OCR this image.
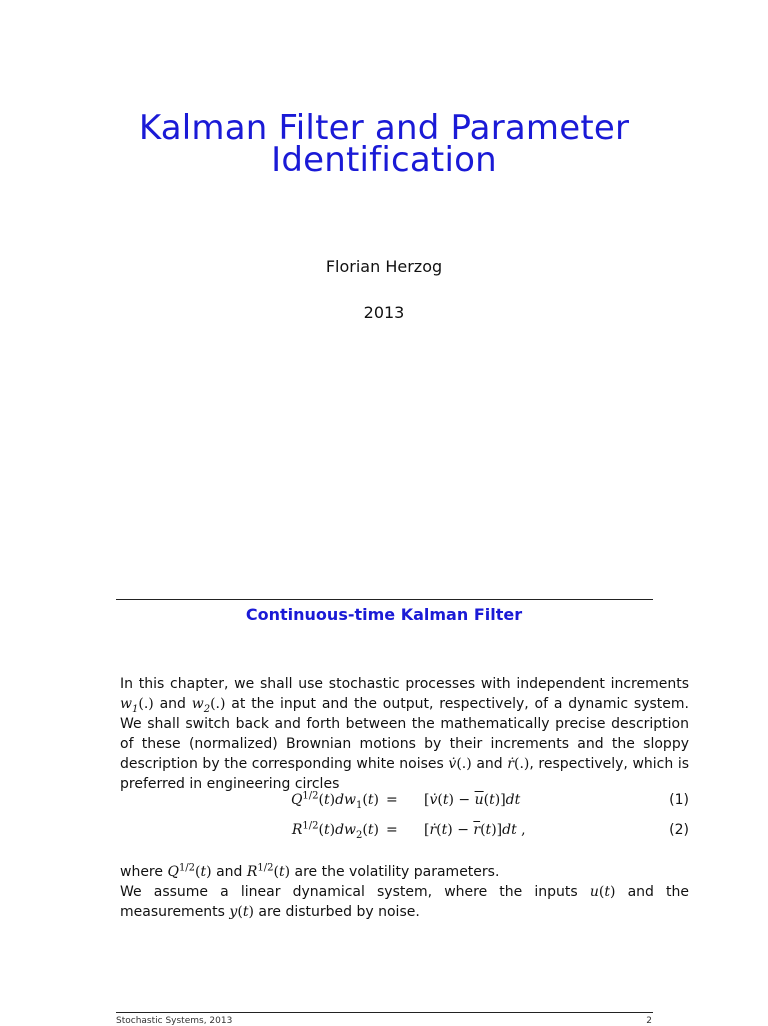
Kalman Filter and Parameter
Identification
Florian Herzog
2013
Continuous-time Kalman Filter
In this chapter, we shall use stochastic processes with independent increments $w_1(.)$ and $w_2(.)$ at the input and the output, respectively, of a dynamic system. We shall switch back and forth between the mathematically precise description of these (normalized) Brownian motions by their increments and the sloppy description by the corresponding white noises v̇(.) and ṙ(.), respectively, which is preferred in engineering circles
$Q^{1/2}(t)dw_1(t)$ = [v̇(t) − $\overline{u}(t)]dt$	(1)
$R^{1/2}(t)dw_2(t)$ = [ṙ(t) − $\overline{r}(t)]dt$ ,	(2)
where $Q^{1/2}(t)$ and $R^{1/2}(t)$ are the volatility parameters.
We assume a linear dynamical system, where the inputs u(t) and the measurements y(t) are disturbed by noise.
Stochastic Systems, 2013	2
